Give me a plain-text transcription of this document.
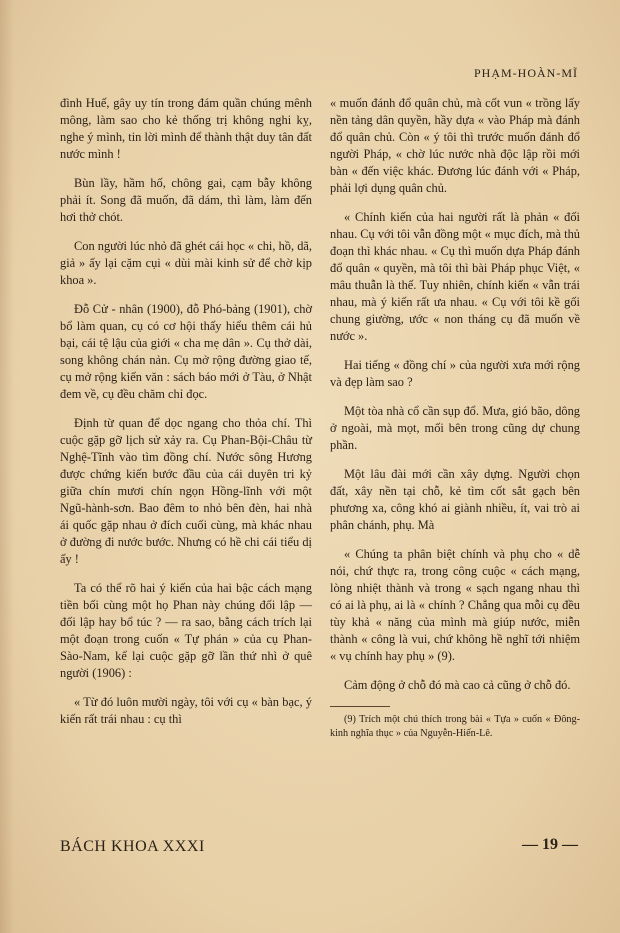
PHẠM-HOÀN-MĨ

đình Huế, gây uy tín trong đám quần chúng mênh mông, làm sao cho kẻ thống trị không nghi kỵ, nghe ý mình, tin lời mình để thành thật duy tân đất nước mình !

Bùn lầy, hầm hố, chông gai, cạm bẫy không phải ít. Song đã muốn, đã dám, thì làm, làm đến hơi thở chót.

Con người lúc nhỏ đã ghét cái học « chi, hồ, dã, giả » ấy lại cặm cụi « dùi mài kinh sử để chờ kịp khoa ».

Đỗ Cử - nhân (1900), đỗ Phó-bảng (1901), chờ bổ làm quan, cụ có cơ hội thấy hiểu thêm cái hủ bại, cái tệ lậu của giới « cha mẹ dân ». Cụ thở dài, song không chán nản. Cụ mở rộng đường giao tế, cụ mở rộng kiến văn : sách báo mới ở Tàu, ở Nhật đem về, cụ đều chăm chỉ đọc.

Định từ quan để dọc ngang cho thỏa chí. Thì cuộc gặp gỡ lịch sử xảy ra. Cụ Phan-Bội-Châu từ Nghệ-Tĩnh vào tìm đồng chí. Nước sông Hương được chứng kiến bước đầu của cái duyên tri kỷ giữa chín mươi chín ngọn Hồng-lĩnh với một Ngũ-hành-sơn. Bao đêm to nhỏ bên đèn, hai nhà ái quốc gặp nhau ở đích cuối cùng, mà khác nhau ở đường đi nước bước. Nhưng có hề chi cái tiểu dị ấy !

Ta có thể rõ hai ý kiến của hai bậc cách mạng tiền bối cùng một họ Phan này chúng đối lập — đối lập hay bổ túc ? — ra sao, bằng cách trích lại một đoạn trong cuốn « Tự phán » của cụ Phan-Sào-Nam, kể lại cuộc gặp gỡ lần thứ nhì ở quê người (1906) :

« Từ đó luôn mười ngày, tôi với cụ « bàn bạc, ý kiến rất trái nhau : cụ thì

« muốn đánh đổ quân chủ, mà cốt vun « trồng lấy nền tảng dân quyền, hầy dựa « vào Pháp mà đánh đổ quân chủ. Còn « ý tôi thì trước muốn đánh đổ người Pháp, « chờ lúc nước nhà độc lập rồi mới bàn « đến việc khác. Đương lúc đánh với « Pháp, phải lợi dụng quân chủ.

« Chính kiến của hai người rất là phản « đối nhau. Cụ với tôi vẫn đồng một « mục đích, mà thủ đoạn thì khác nhau. « Cụ thì muốn dựa Pháp đánh đổ quân « quyền, mà tôi thì bài Pháp phục Việt, « mâu thuẫn là thế. Tuy nhiên, chính kiến « vẫn trái nhau, mà ý kiến rất ưa nhau. « Cụ với tôi kề gối chung giường, ước « non tháng cụ đã muốn về nước ».

Hai tiếng « đồng chí » của người xưa mới rộng và đẹp làm sao ?

Một tòa nhà cổ cần sụp đổ. Mưa, gió bão, dông ở ngoài, mà mọt, mối bên trong cũng dự chung phần.

Một lâu đài mới cần xây dựng. Người chọn đất, xây nền tại chỗ, kẻ tìm cốt sắt gạch bên phương xa, công khó ai giành nhiều, ít, vai trò ai phân chánh, phụ. Mà

« Chúng ta phân biệt chính và phụ cho « dễ nói, chứ thực ra, trong công cuộc « cách mạng, lòng nhiệt thành và trong « sạch ngang nhau thì có ai là phụ, ai là « chính ? Chẳng qua mỗi cụ đều tùy khả « năng của mình mà giúp nước, miễn thành « công là vui, chứ không hề nghĩ tới nhiệm « vụ chính hay phụ » (9).

Cảm động ở chỗ đó mà cao cả cũng ở chỗ đó.

(9) Trích một chú thích trong bài « Tựa » cuốn « Đông-kinh nghĩa thục » của Nguyễn-Hiến-Lê.
BÁCH KHOA XXXI	— 19 —
